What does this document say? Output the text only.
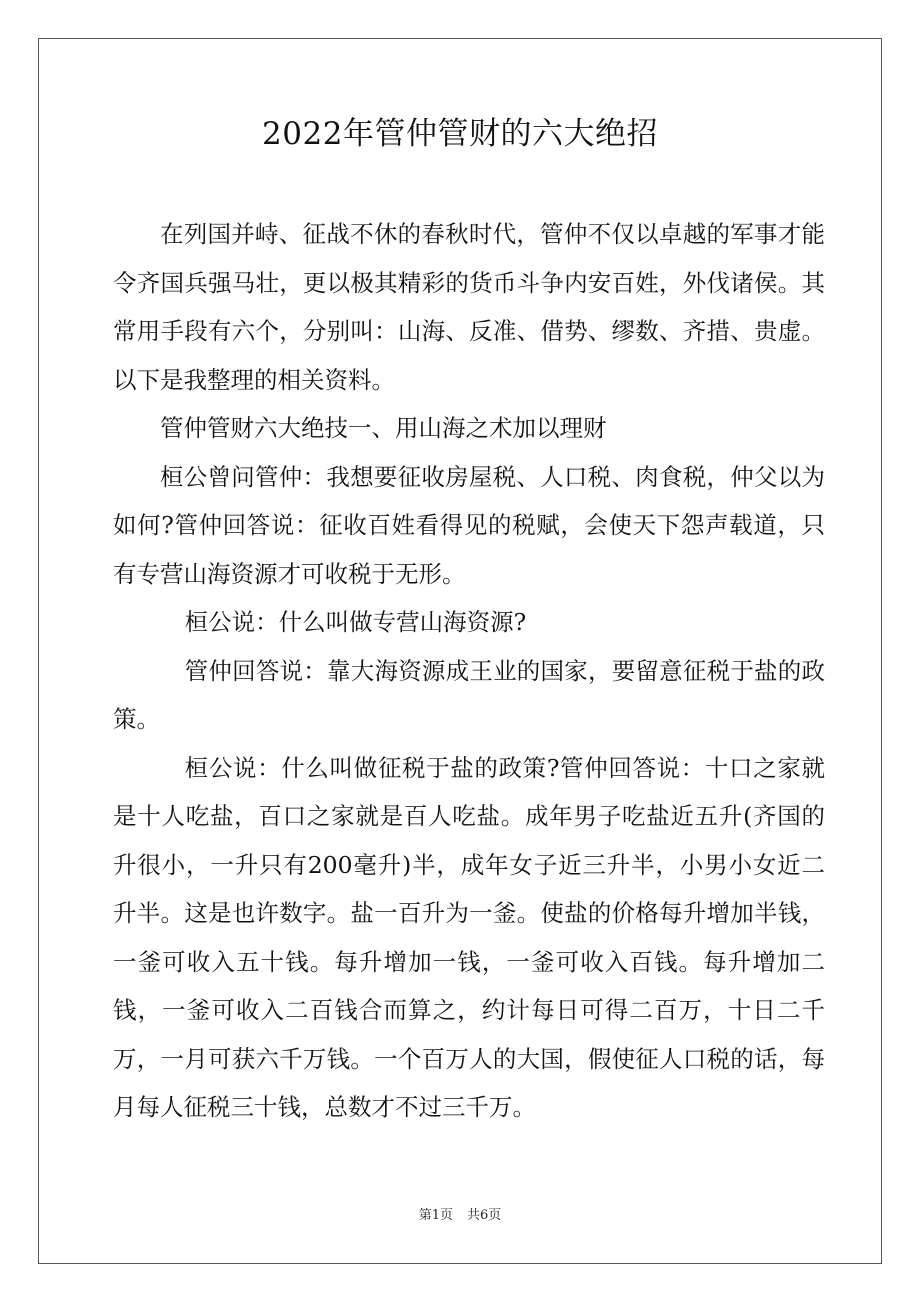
2022年管仲管财的六大绝招

在列国并峙、征战不休的春秋时代，管仲不仅以卓越的军事才能令齐国兵强马壮，更以极其精彩的货币斗争内安百姓，外伐诸侯。其常用手段有六个，分别叫：山海、反准、借势、缪数、齐措、贵虚。以下是我整理的相关资料。

管仲管财六大绝技一、用山海之术加以理财

桓公曾问管仲：我想要征收房屋税、人口税、肉食税，仲父以为如何?管仲回答说：征收百姓看得见的税赋，会使天下怨声载道，只有专营山海资源才可收税于无形。

桓公说：什么叫做专营山海资源?

管仲回答说：靠大海资源成王业的国家，要留意征税于盐的政策。

桓公说：什么叫做征税于盐的政策?管仲回答说：十口之家就是十人吃盐，百口之家就是百人吃盐。成年男子吃盐近五升(齐国的升很小，一升只有200毫升)半，成年女子近三升半，小男小女近二升半。这是也许数字。盐一百升为一釜。使盐的价格每升增加半钱，一釜可收入五十钱。每升增加一钱，一釜可收入百钱。每升增加二钱，一釜可收入二百钱合而算之，约计每日可得二百万，十日二千万，一月可获六千万钱。一个百万人的大国，假使征人口税的话，每月每人征税三十钱，总数才不过三千万。

第1页 共6页
